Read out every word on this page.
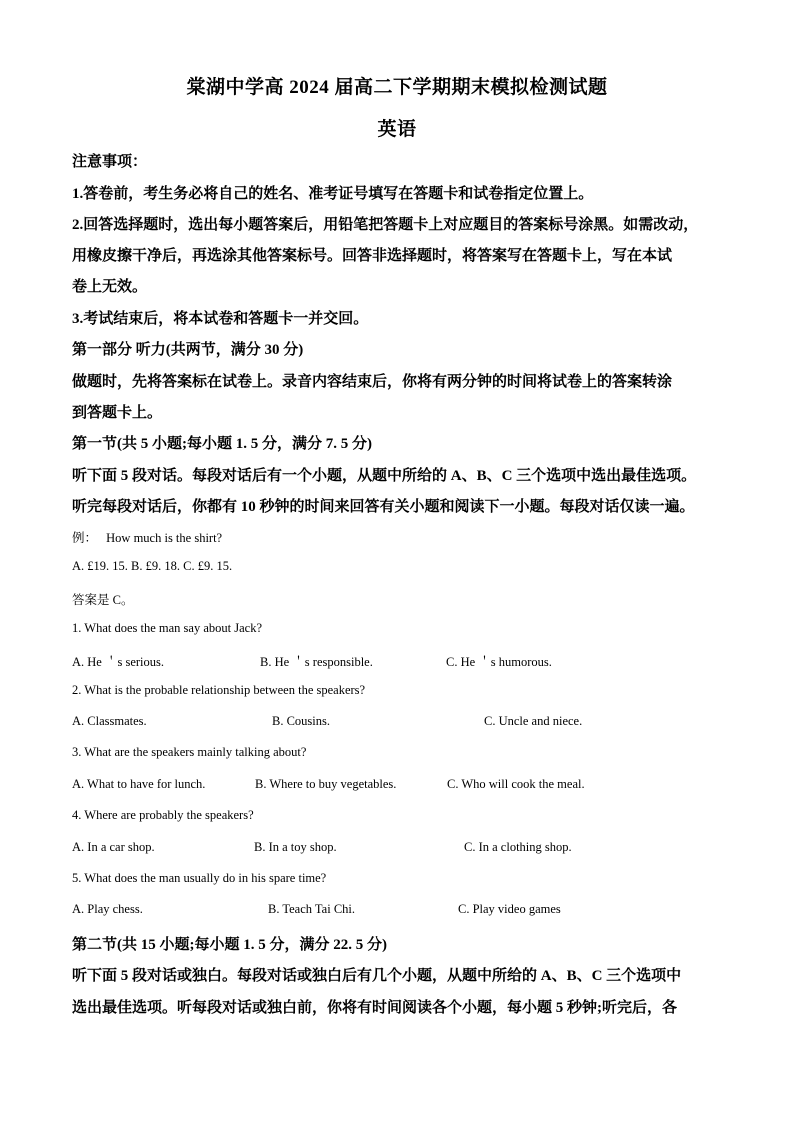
棠湖中学高 2024 届高二下学期期末模拟检测试题
英语
注意事项：
1.答卷前，考生务必将自己的姓名、准考证号填写在答题卡和试卷指定位置上。
2.回答选择题时，选出每小题答案后，用铅笔把答题卡上对应题目的答案标号涂黑。如需改动，
用橡皮擦干净后，再选涂其他答案标号。回答非选择题时，将答案写在答题卡上，写在本试
卷上无效。
3.考试结束后，将本试卷和答题卡一并交回。
第一部分 听力(共两节，满分 30 分)
做题时，先将答案标在试卷上。录音内容结束后，你将有两分钟的时间将试卷上的答案转涂
到答题卡上。
第一节(共 5 小题;每小题 1. 5 分，满分 7. 5 分)
听下面 5 段对话。每段对话后有一个小题，从题中所给的 A、B、C 三个选项中选出最佳选项。
听完每段对话后，你都有 10 秒钟的时间来回答有关小题和阅读下一小题。每段对话仅读一遍。
例： How much is the shirt?
A. £19. 15. B. £9. 18. C. £9. 15.
答案是 C。
1. What does the man say about Jack?
A. He ＇s serious.	B. He ＇s responsible.	C. He ＇s humorous.
2. What is the probable relationship between the speakers?
A. Classmates.	B. Cousins.	C. Uncle and niece.
3. What are the speakers mainly talking about?
A. What to have for lunch.	B. Where to buy vegetables.	C. Who will cook the meal.
4. Where are probably the speakers?
A. In a car shop.	B. In a toy shop.	C. In a clothing shop.
5. What does the man usually do in his spare time?
A. Play chess.	B. Teach Tai Chi.	C. Play video games
第二节(共 15 小题;每小题 1. 5 分，满分 22. 5 分)
听下面 5 段对话或独白。每段对话或独白后有几个小题，从题中所给的 A、B、C 三个选项中
选出最佳选项。听每段对话或独白前，你将有时间阅读各个小题，每小题 5 秒钟;听完后，各
